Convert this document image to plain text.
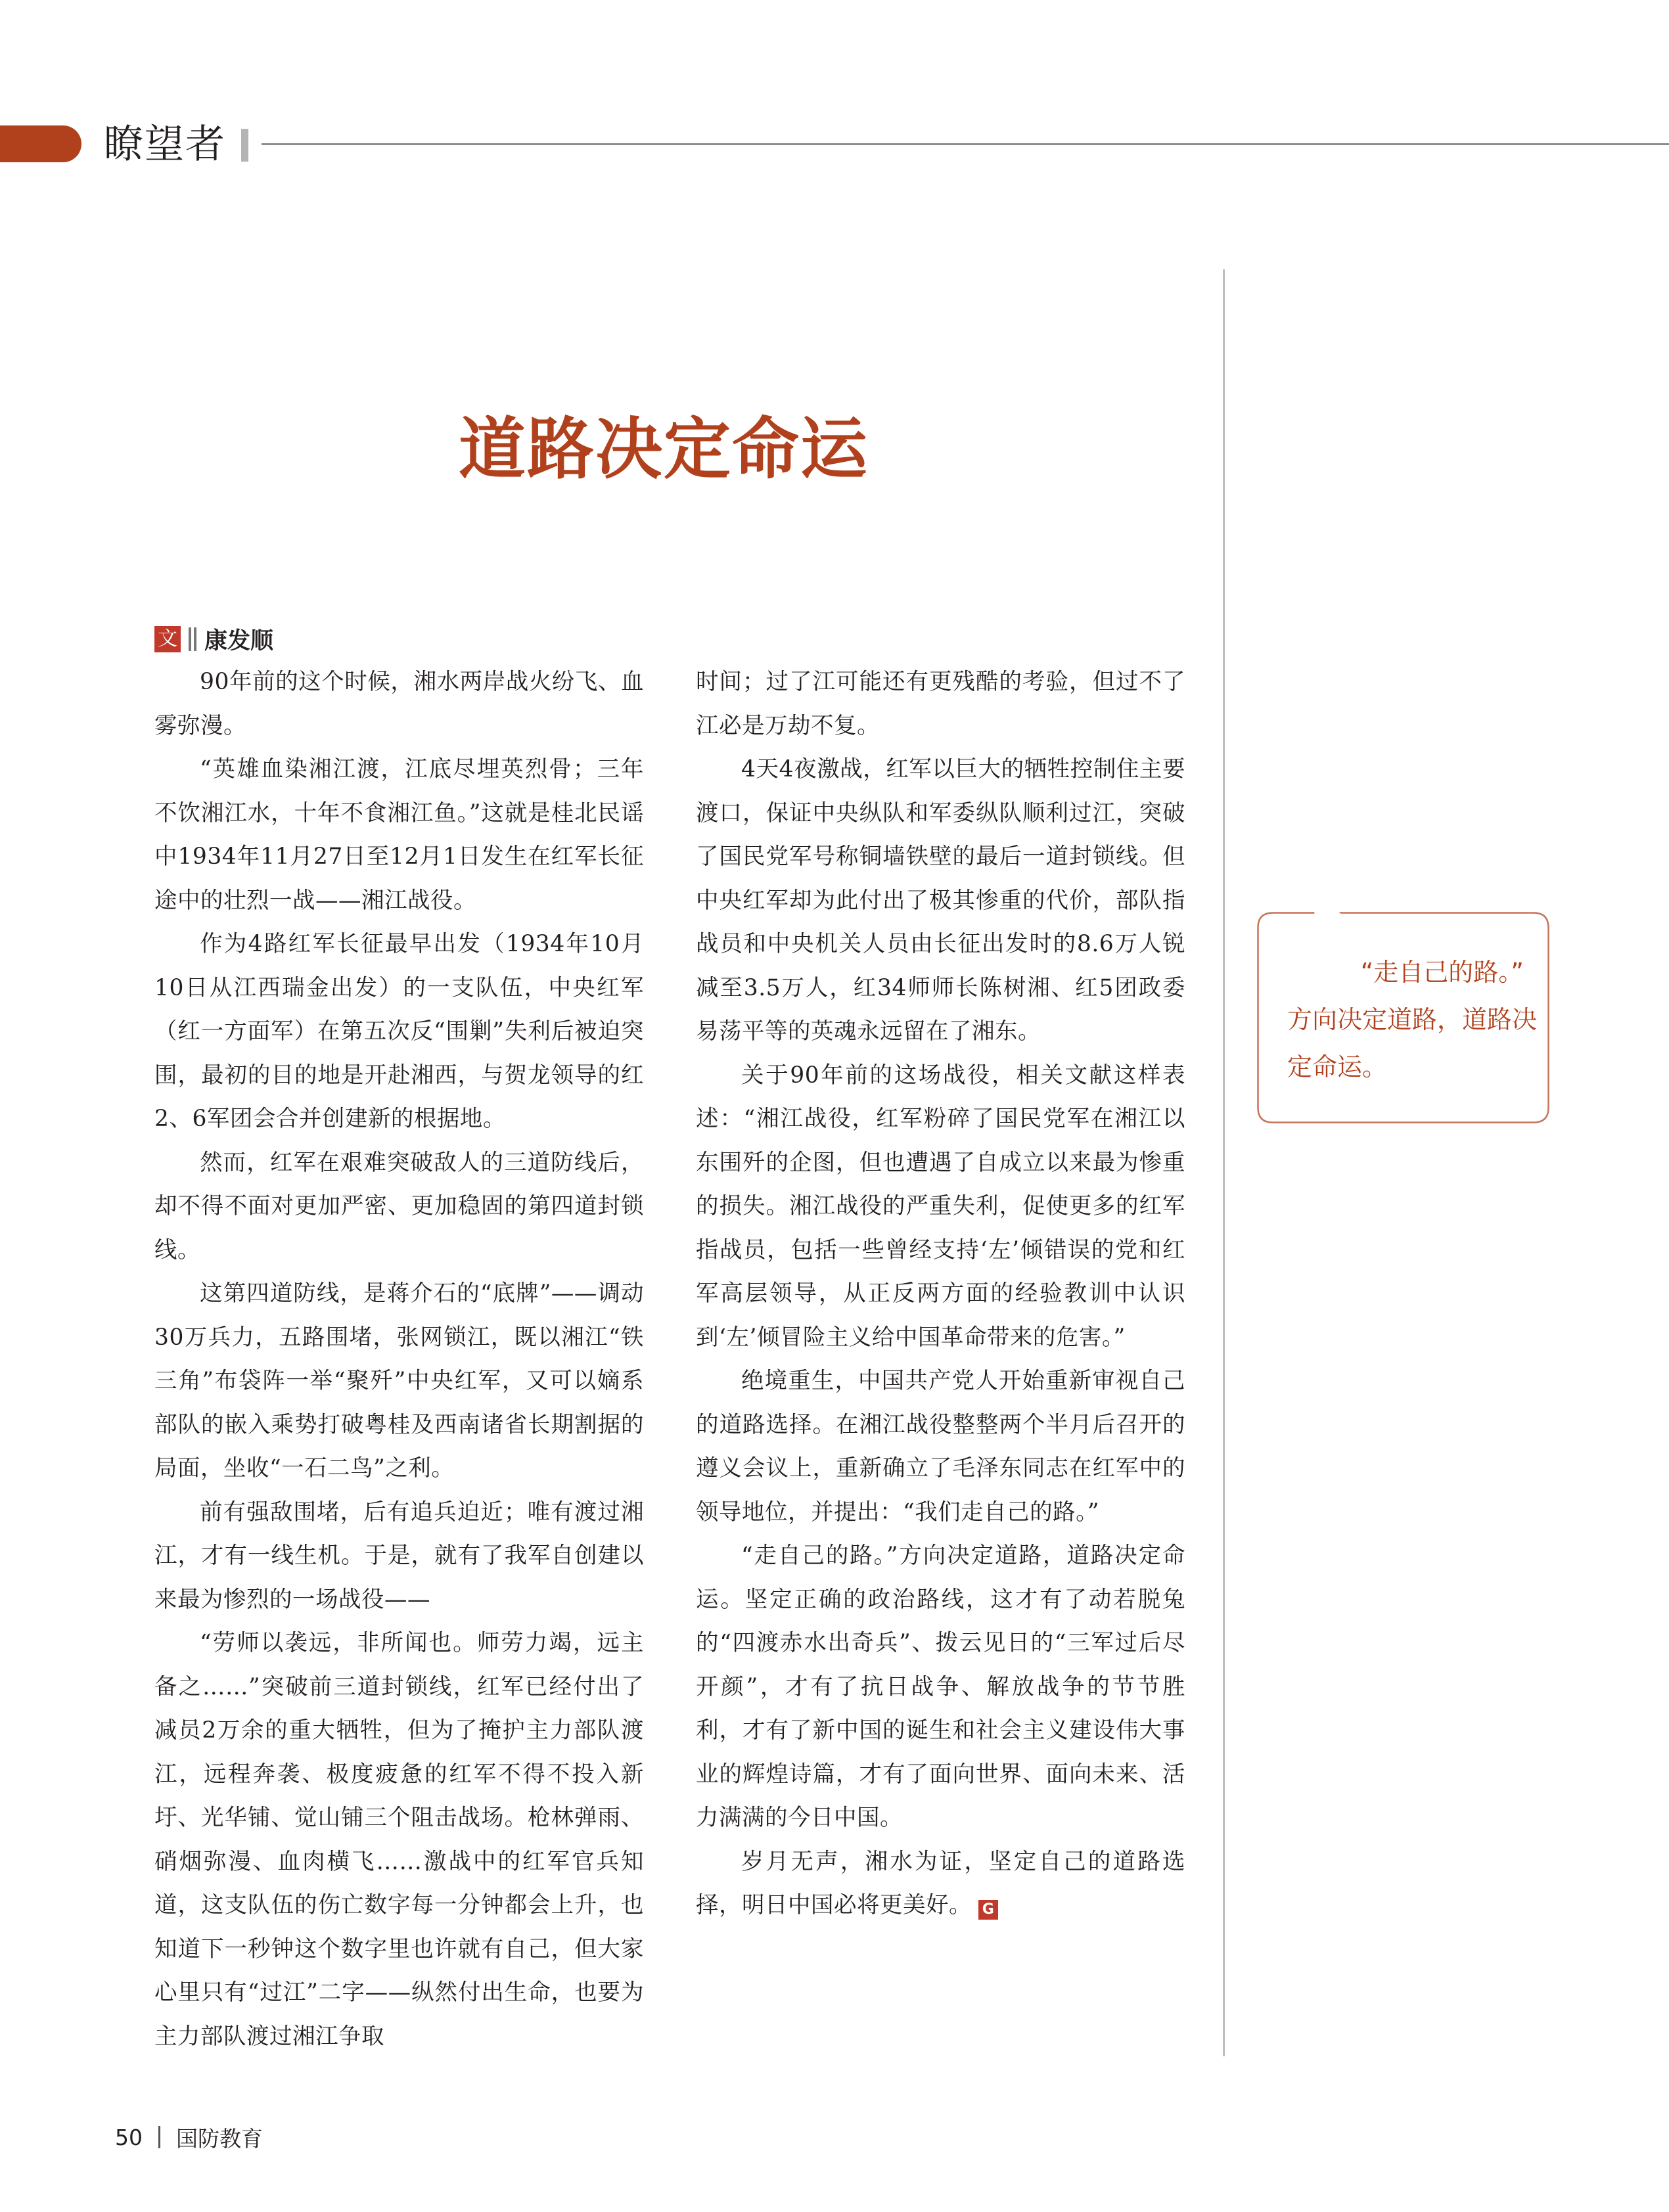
瞭望者
道路决定命运
文 康发顺

90年前的这个时候，湘水两岸战火纷飞、血雾弥漫。

“英雄血染湘江渡，江底尽埋英烈骨；三年不饮湘江水，十年不食湘江鱼。”这就是桂北民谣中1934年11月27日至12月1日发生在红军长征途中的壮烈一战——湘江战役。

作为4路红军长征最早出发（1934年10月10日从江西瑞金出发）的一支队伍，中央红军（红一方面军）在第五次反“围剿”失利后被迫突围，最初的目的地是开赴湘西，与贺龙领导的红2、6军团会合并创建新的根据地。

然而，红军在艰难突破敌人的三道防线后，却不得不面对更加严密、更加稳固的第四道封锁线。

这第四道防线，是蒋介石的“底牌”——调动30万兵力，五路围堵，张网锁江，既以湘江“铁三角”布袋阵一举“聚歼”中央红军，又可以嫡系部队的嵌入乘势打破粤桂及西南诸省长期割据的局面，坐收“一石二鸟”之利。

前有强敌围堵，后有追兵迫近；唯有渡过湘江，才有一线生机。于是，就有了我军自创建以来最为惨烈的一场战役——

“劳师以袭远，非所闻也。师劳力竭，远主备之……”突破前三道封锁线，红军已经付出了减员2万余的重大牺牲，但为了掩护主力部队渡江，远程奔袭、极度疲惫的红军不得不投入新圩、光华铺、觉山铺三个阻击战场。枪林弹雨、硝烟弥漫、血肉横飞……激战中的红军官兵知道，这支队伍的伤亡数字每一分钟都会上升，也知道下一秒钟这个数字里也许就有自己，但大家心里只有“过江”二字——纵然付出生命，也要为主力部队渡过湘江争取

时间；过了江可能还有更残酷的考验，但过不了江必是万劫不复。

4天4夜激战，红军以巨大的牺牲控制住主要渡口，保证中央纵队和军委纵队顺利过江，突破了国民党军号称铜墙铁壁的最后一道封锁线。但中央红军却为此付出了极其惨重的代价，部队指战员和中央机关人员由长征出发时的8.6万人锐减至3.5万人，红34师师长陈树湘、红5团政委易荡平等的英魂永远留在了湘东。

关于90年前的这场战役，相关文献这样表述：“湘江战役，红军粉碎了国民党军在湘江以东围歼的企图，但也遭遇了自成立以来最为惨重的损失。湘江战役的严重失利，促使更多的红军指战员，包括一些曾经支持‘左’倾错误的党和红军高层领导，从正反两方面的经验教训中认识到‘左’倾冒险主义给中国革命带来的危害。”

绝境重生，中国共产党人开始重新审视自己的道路选择。在湘江战役整整两个半月后召开的遵义会议上，重新确立了毛泽东同志在红军中的领导地位，并提出：“我们走自己的路。”

“走自己的路。”方向决定道路，道路决定命运。坚定正确的政治路线，这才有了动若脱兔的“四渡赤水出奇兵”、拨云见日的“三军过后尽开颜”，才有了抗日战争、解放战争的节节胜利，才有了新中国的诞生和社会主义建设伟大事业的辉煌诗篇，才有了面向世界、面向未来、活力满满的今日中国。

岁月无声，湘水为证，坚定自己的道路选择，明日中国必将更美好。 G

“走自己的路。”
方向决定道路，道路决定命运。
50 国防教育
